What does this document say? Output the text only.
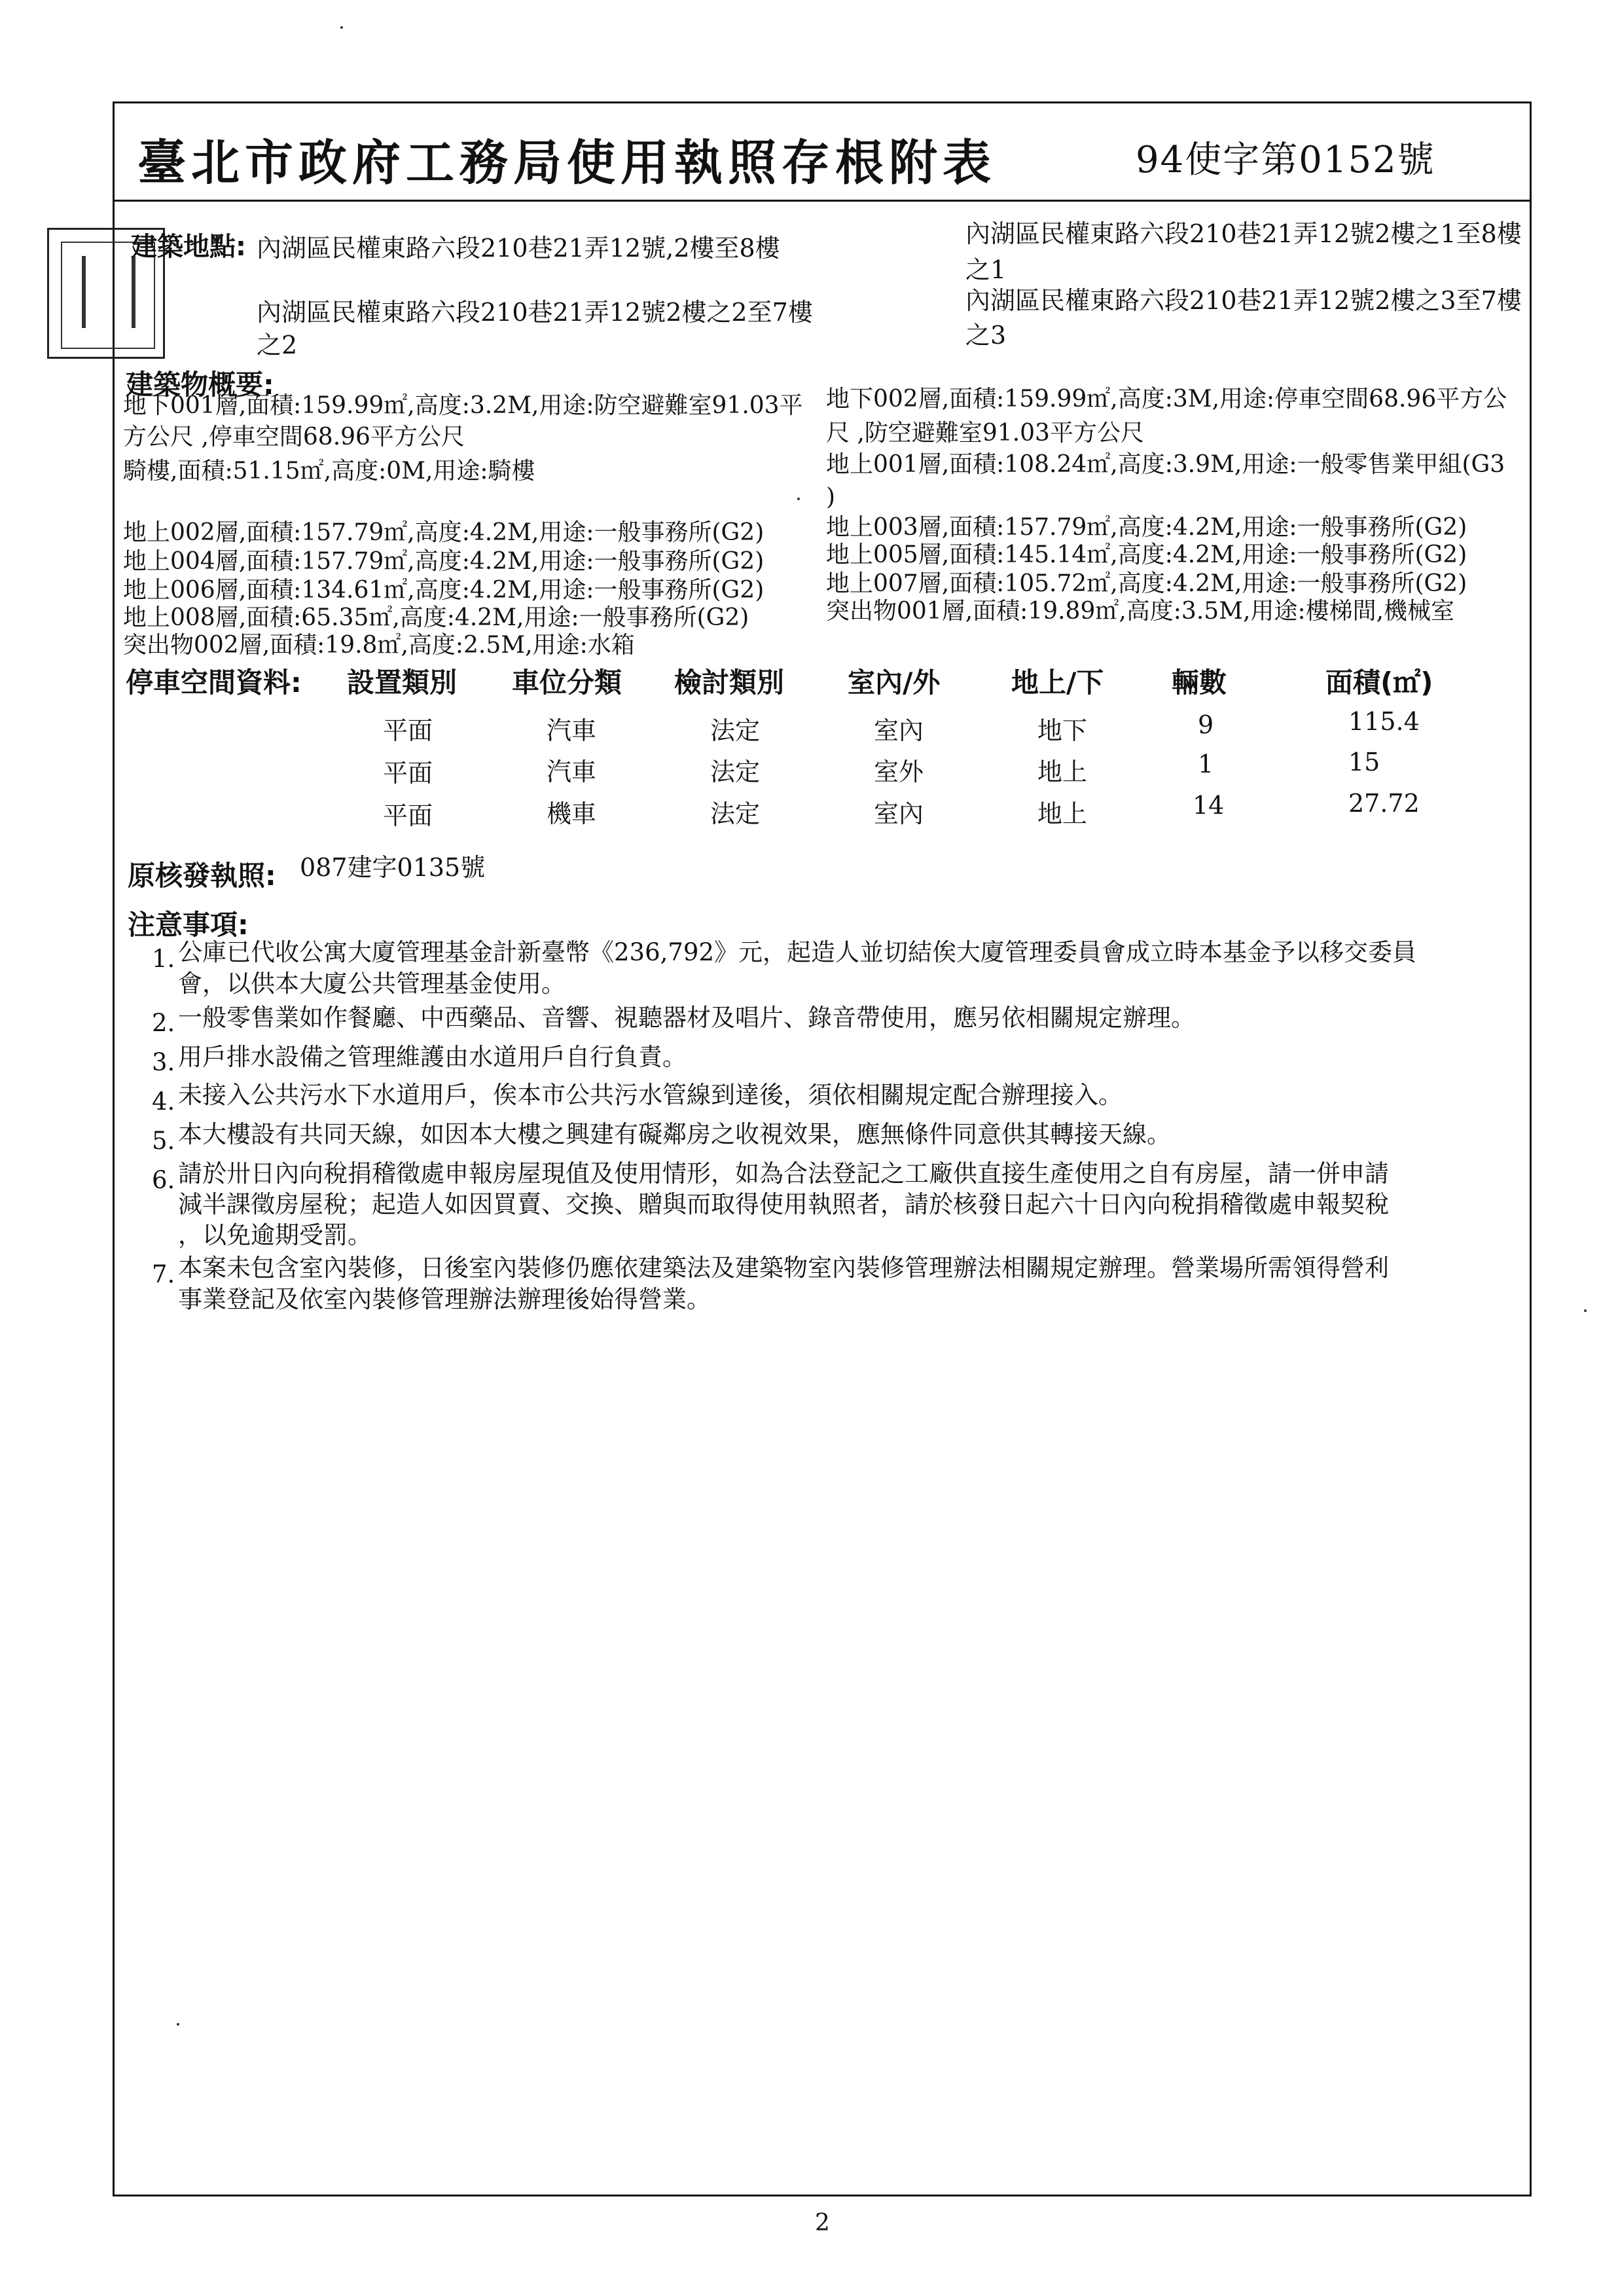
臺北市政府工務局使用執照存根附表	94使字第0152號
建築地點: 內湖區民權東路六段210巷21弄12號,2樓至8樓	內湖區民權東路六段210巷21弄12號2樓之1至8樓
之1
內湖區民權東路六段210巷21弄12號2樓之2至7樓
之2
內湖區民權東路六段210巷21弄12號2樓之3至7樓
之3
建築物概要:
地下001層,面積:159.99㎡,高度:3.2M,用途:防空避難室91.03平
方公尺 ,停車空間68.96平方公尺
騎樓,面積:51.15㎡,高度:0M,用途:騎樓
地上002層,面積:157.79㎡,高度:4.2M,用途:一般事務所(G2)
地上004層,面積:157.79㎡,高度:4.2M,用途:一般事務所(G2)
地上006層,面積:134.61㎡,高度:4.2M,用途:一般事務所(G2)
地上008層,面積:65.35㎡,高度:4.2M,用途:一般事務所(G2)
突出物002層,面積:19.8㎡,高度:2.5M,用途:水箱
地下002層,面積:159.99㎡,高度:3M,用途:停車空間68.96平方公
尺 ,防空避難室91.03平方公尺
地上001層,面積:108.24㎡,高度:3.9M,用途:一般零售業甲組(G3
)
地上003層,面積:157.79㎡,高度:4.2M,用途:一般事務所(G2)
地上005層,面積:145.14㎡,高度:4.2M,用途:一般事務所(G2)
地上007層,面積:105.72㎡,高度:4.2M,用途:一般事務所(G2)
突出物001層,面積:19.89㎡,高度:3.5M,用途:樓梯間,機械室
停車空間資料: 設置類別 車位分類 檢討類別 室內/外	地上/下 輛數	面積(㎡)
平面	汽車	法定	室內	地下	9	115.4
平面	汽車	法定	室外	地上	1	15
平面	機車	法定	室內	地上	14	27.72
原核發執照: 087建字0135號
注意事項:
1. 公庫已代收公寓大廈管理基金計新臺幣《236,792》元，起造人並切結俟大廈管理委員會成立時本基金予以移交委員
會，以供本大廈公共管理基金使用。
2. 一般零售業如作餐廳、中西藥品、音響、視聽器材及唱片、錄音帶使用，應另依相關規定辦理。
3. 用戶排水設備之管理維護由水道用戶自行負責。
4. 未接入公共污水下水道用戶，俟本市公共污水管線到達後，須依相關規定配合辦理接入。
5. 本大樓設有共同天線，如因本大樓之興建有礙鄰房之收視效果，應無條件同意供其轉接天線。
6. 請於卅日內向稅捐稽徵處申報房屋現值及使用情形，如為合法登記之工廠供直接生產使用之自有房屋，請一併申請
減半課徵房屋稅；起造人如因買賣、交換、贈與而取得使用執照者，請於核發日起六十日內向稅捐稽徵處申報契稅
，以免逾期受罰。
7. 本案未包含室內裝修，日後室內裝修仍應依建築法及建築物室內裝修管理辦法相關規定辦理。營業場所需領得營利
事業登記及依室內裝修管理辦法辦理後始得營業。
2
